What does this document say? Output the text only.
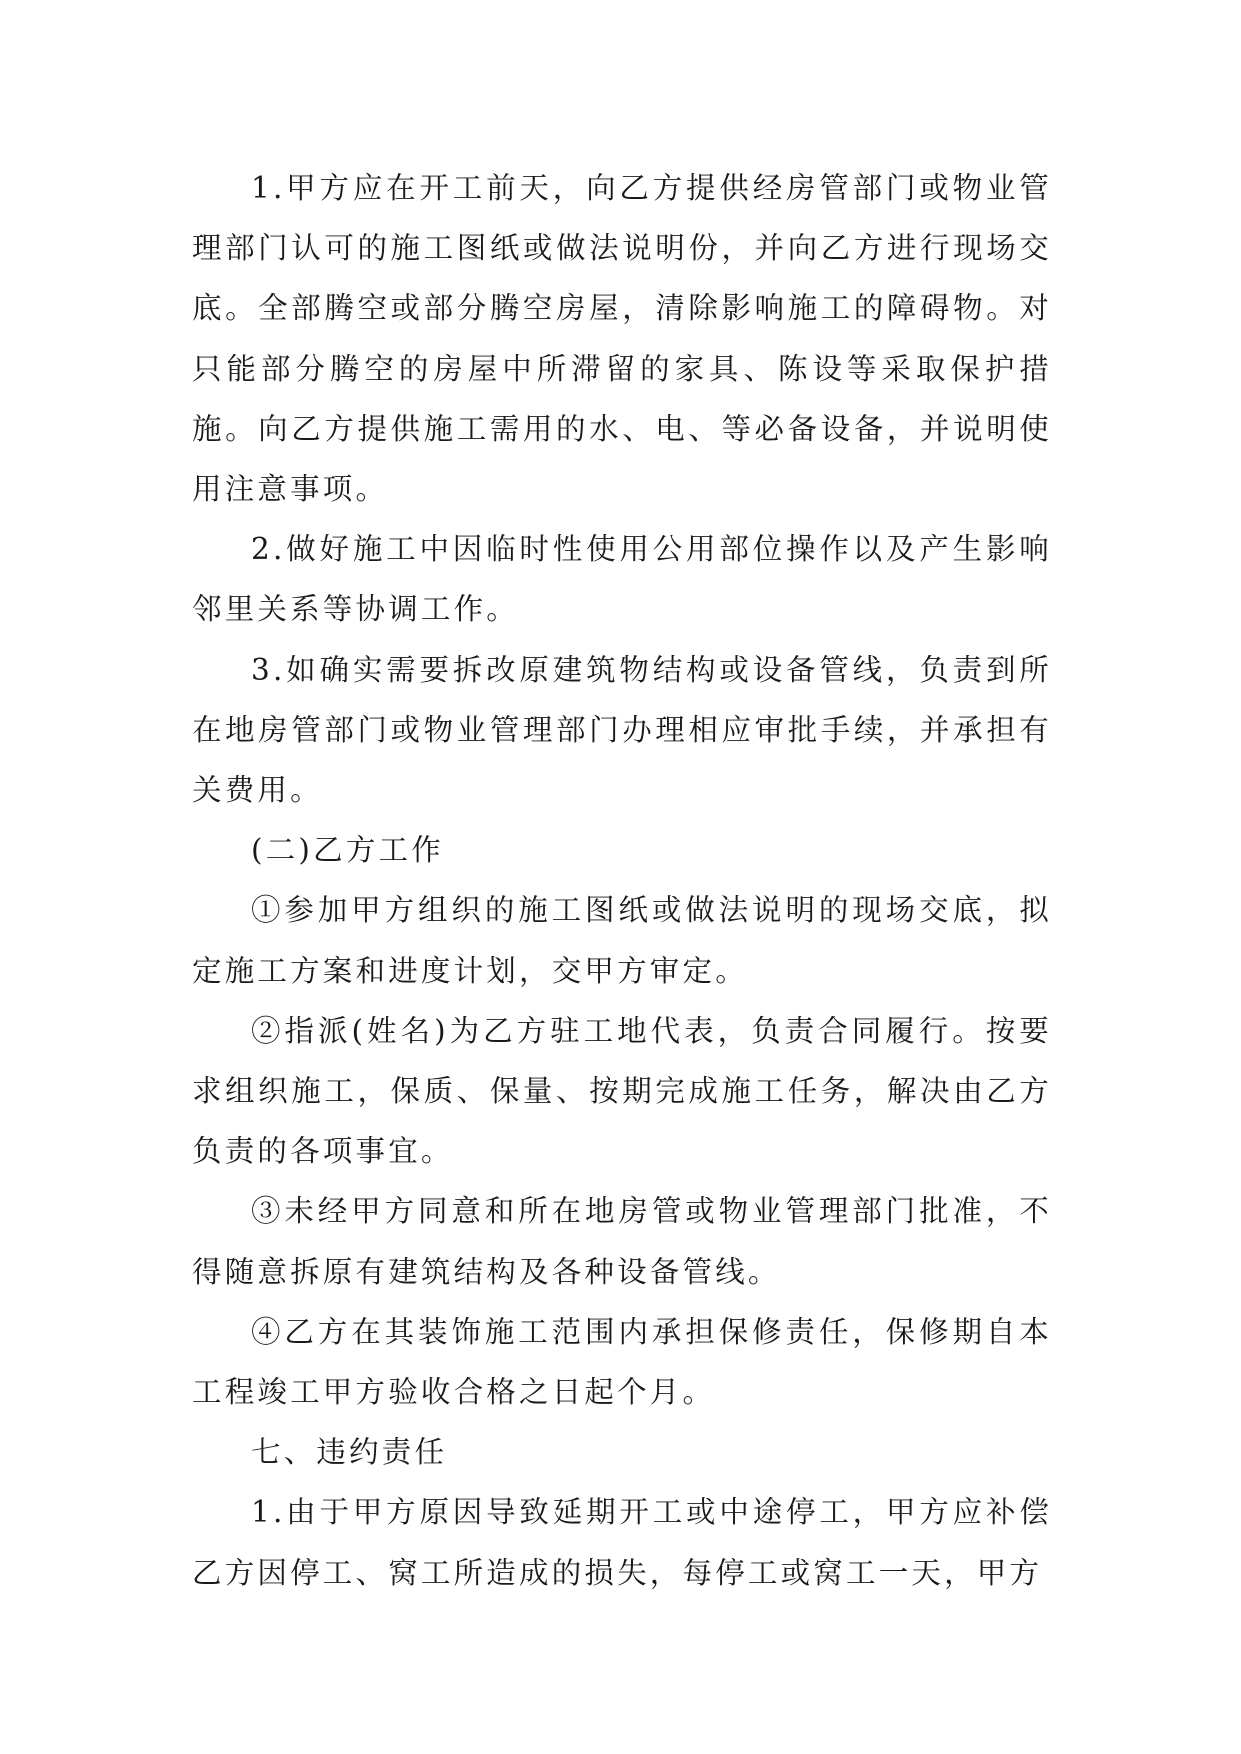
1.甲方应在开工前天，向乙方提供经房管部门或物业管理部门认可的施工图纸或做法说明份，并向乙方进行现场交底。全部腾空或部分腾空房屋，清除影响施工的障碍物。对只能部分腾空的房屋中所滞留的家具、陈设等采取保护措施。向乙方提供施工需用的水、电、等必备设备，并说明使用注意事项。

2.做好施工中因临时性使用公用部位操作以及产生影响邻里关系等协调工作。

3.如确实需要拆改原建筑物结构或设备管线，负责到所在地房管部门或物业管理部门办理相应审批手续，并承担有关费用。

(二)乙方工作

①参加甲方组织的施工图纸或做法说明的现场交底，拟定施工方案和进度计划，交甲方审定。

②指派(姓名)为乙方驻工地代表，负责合同履行。按要求组织施工，保质、保量、按期完成施工任务，解决由乙方负责的各项事宜。

③未经甲方同意和所在地房管或物业管理部门批准，不得随意拆原有建筑结构及各种设备管线。

④乙方在其装饰施工范围内承担保修责任，保修期自本工程竣工甲方验收合格之日起个月。

七、违约责任

1.由于甲方原因导致延期开工或中途停工，甲方应补偿乙方因停工、窝工所造成的损失，每停工或窝工一天，甲方
